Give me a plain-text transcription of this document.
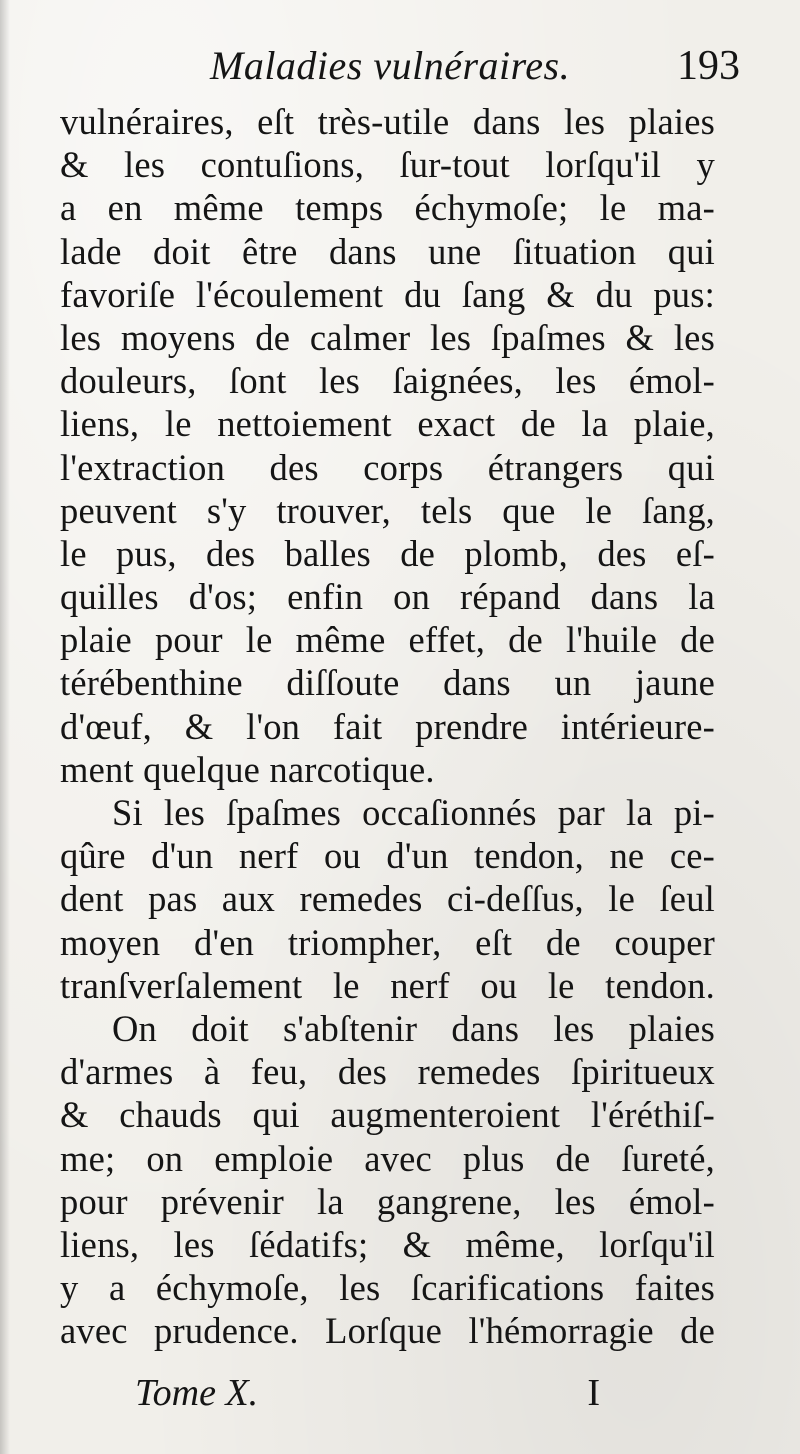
Maladies vulnéraires.	193
vulnéraires, eſt très-utile dans les plaies
& les contuſions, ſur-tout lorſqu'il y
a en même temps échymoſe; le ma-
lade doit être dans une ſituation qui
favoriſe l'écoulement du ſang & du pus:
les moyens de calmer les ſpaſmes & les
douleurs, ſont les ſaignées, les émol-
liens, le nettoiement exact de la plaie,
l'extraction des corps étrangers qui
peuvent s'y trouver, tels que le ſang,
le pus, des balles de plomb, des eſ-
quilles d'os; enfin on répand dans la
plaie pour le même effet, de l'huile de
térébenthine diſſoute dans un jaune
d'œuf, & l'on fait prendre intérieure-
ment quelque narcotique.
Si les ſpaſmes occaſionnés par la pi-
qûre d'un nerf ou d'un tendon, ne ce-
dent pas aux remedes ci-deſſus, le ſeul
moyen d'en triompher, eſt de couper
tranſverſalement le nerf ou le tendon.
On doit s'abſtenir dans les plaies
d'armes à feu, des remedes ſpiritueux
& chauds qui augmenteroient l'éréthiſ-
me; on emploie avec plus de ſureté,
pour prévenir la gangrene, les émol-
liens, les ſédatifs; & même, lorſqu'il
y a échymoſe, les ſcarifications faites
avec prudence. Lorſque l'hémorragie de
Tome X.	I
